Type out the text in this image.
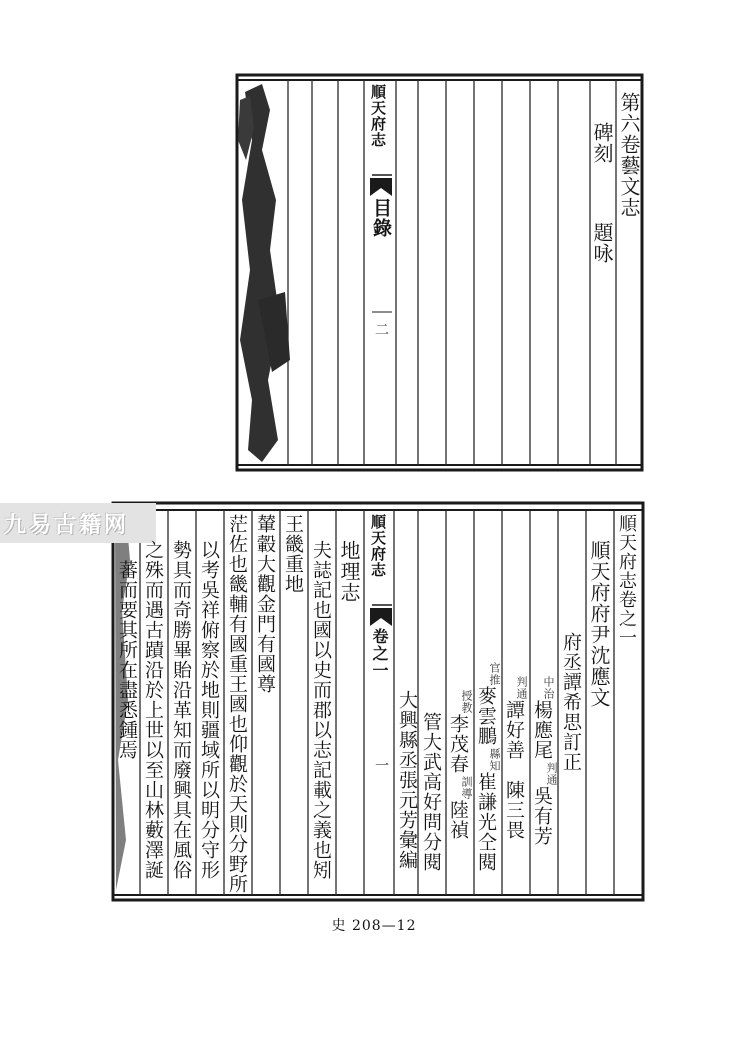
九易古籍网
第六卷藝文志
碑刻
題咏
順天府志
目錄
二
順天府志卷之一
順天府府尹沈應文
府丞譚希思訂正
中治
楊應尾
判通
吳有芳
判通
譚好善　陳三畏
官推
麥雲鵬
縣知
崔謙光仝閱
授教
李茂春
訓導
陸禎
管大武高好問分閱
大興縣丞張元芳彙編
順天府志
卷之一
一
地理志
夫誌記也國以史而郡以志記載之義也矧
王畿重地
輦轂大觀金門有國尊
茫佐也畿輔有國重王國也仰觀於天則分野所
以考吳祥俯察於地則疆域所以明分守形
勢具而奇勝畢貽沿革知而廢興具在風俗
之殊而遇古蹟沿於上世以至山林藪澤誕
蕃而要其所在盡悉鍾焉
史 208—12
